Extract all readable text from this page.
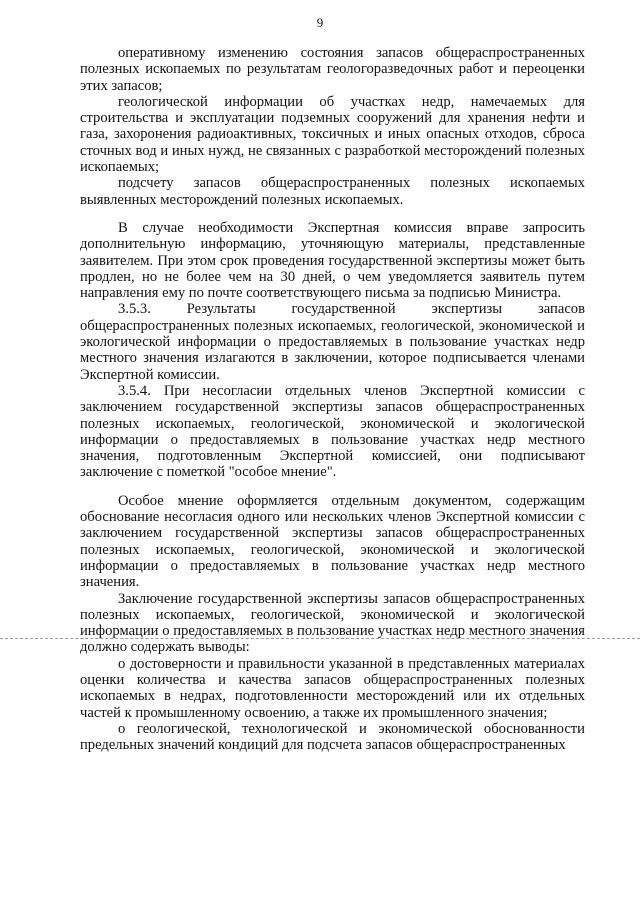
9

оперативному изменению состояния запасов общераспространенных полезных ископаемых по результатам геологоразведочных работ и переоценки этих запасов;

геологической информации об участках недр, намечаемых для строительства и эксплуатации подземных сооружений для хранения нефти и газа, захоронения радиоактивных, токсичных и иных опасных отходов, сброса сточных вод и иных нужд, не связанных с разработкой месторождений полезных ископаемых;

подсчету запасов общераспространенных полезных ископаемых выявленных месторождений полезных ископаемых.

В случае необходимости Экспертная комиссия вправе запросить дополнительную информацию, уточняющую материалы, представленные заявителем. При этом срок проведения государственной экспертизы может быть продлен, но не более чем на 30 дней, о чем уведомляется заявитель путем направления ему по почте соответствующего письма за подписью Министра.

3.5.3. Результаты государственной экспертизы запасов общераспространенных полезных ископаемых, геологической, экономической и экологической информации о предоставляемых в пользование участках недр местного значения излагаются в заключении, которое подписывается членами Экспертной комиссии.

3.5.4. При несогласии отдельных членов Экспертной комиссии с заключением государственной экспертизы запасов общераспространенных полезных ископаемых, геологической, экономической и экологической информации о предоставляемых в пользование участках недр местного значения, подготовленным Экспертной комиссией, они подписывают заключение с пометкой "особое мнение".

Особое мнение оформляется отдельным документом, содержащим обоснование несогласия одного или нескольких членов Экспертной комиссии с заключением государственной экспертизы запасов общераспространенных полезных ископаемых, геологической, экономической и экологической информации о предоставляемых в пользование участках недр местного значения.

Заключение государственной экспертизы запасов общераспространенных полезных ископаемых, геологической, экономической и экологической информации о предоставляемых в пользование участках недр местного значения должно содержать выводы:

о достоверности и правильности указанной в представленных материалах оценки количества и качества запасов общераспространенных полезных ископаемых в недрах, подготовленности месторождений или их отдельных частей к промышленному освоению, а также их промышленного значения;

о геологической, технологической и экономической обоснованности предельных значений кондиций для подсчета запасов общераспространенных
